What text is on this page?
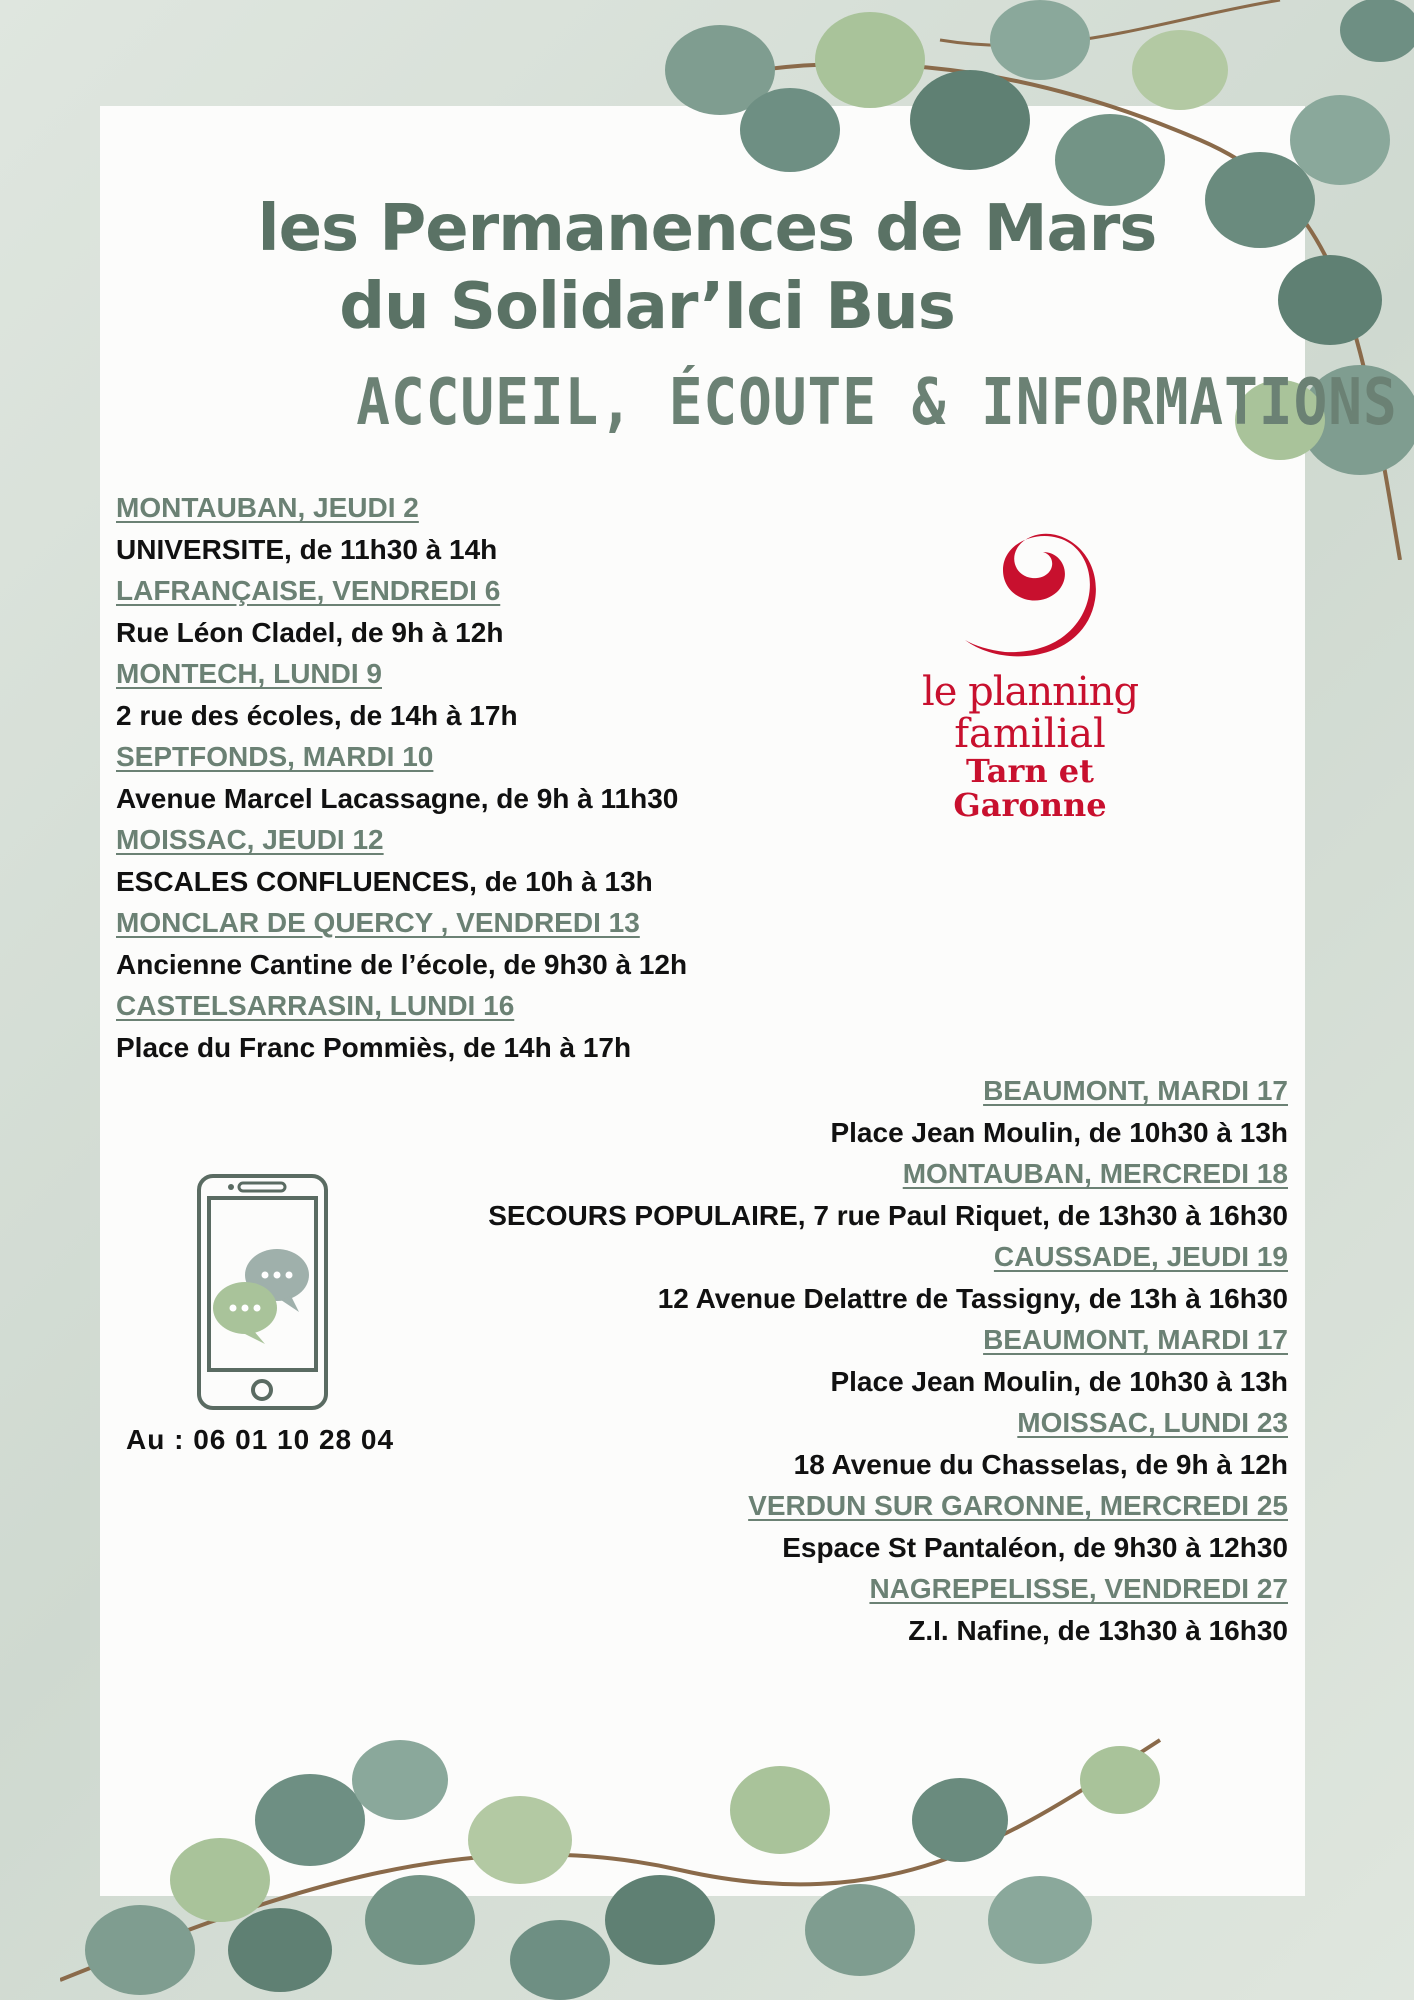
les Permanences de Mars
du Solidar’Ici Bus
ACCUEIL, ÉCOUTE & INFORMATIONS
MONTAUBAN, JEUDI 2
UNIVERSITE, de 11h30 à 14h
LAFRANÇAISE, VENDREDI 6
Rue Léon Cladel, de 9h à 12h
MONTECH, LUNDI 9
2 rue des écoles, de 14h à 17h
SEPTFONDS, MARDI 10
Avenue Marcel Lacassagne, de 9h à 11h30
MOISSAC, JEUDI 12
ESCALES CONFLUENCES, de 10h à 13h
MONCLAR DE QUERCY , VENDREDI 13
Ancienne Cantine de l’école, de 9h30 à 12h
CASTELSARRASIN, LUNDI 16
Place du Franc Pommiès, de 14h à 17h
le planning
familial
Tarn et
Garonne
Au : 06 01 10 28 04
BEAUMONT, MARDI 17
Place Jean Moulin, de 10h30 à 13h
MONTAUBAN, MERCREDI 18
SECOURS POPULAIRE, 7 rue Paul Riquet, de 13h30 à 16h30
CAUSSADE, JEUDI 19
12 Avenue Delattre de Tassigny, de 13h à 16h30
BEAUMONT, MARDI 17
Place Jean Moulin, de 10h30 à 13h
MOISSAC, LUNDI 23
18 Avenue du Chasselas, de 9h à 12h
VERDUN SUR GARONNE, MERCREDI 25
Espace St Pantaléon, de 9h30 à 12h30
NAGREPELISSE, VENDREDI 27
Z.I. Nafine, de 13h30 à 16h30
